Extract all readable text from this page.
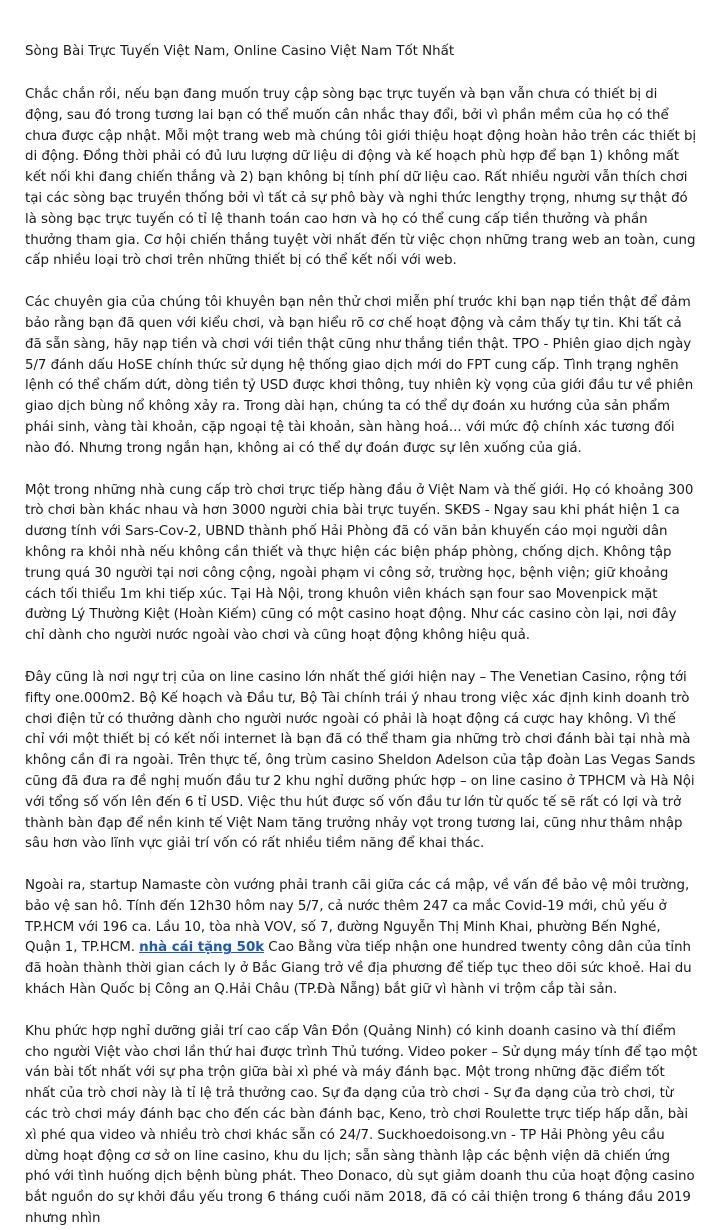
Sòng Bài Trực Tuyến Việt Nam, Online Casino Việt Nam Tốt Nhất

Chắc chắn rồi, nếu bạn đang muốn truy cập sòng bạc trực tuyến và bạn vẫn chưa có thiết bị di động, sau đó trong tương lai bạn có thể muốn cân nhắc thay đổi, bởi vì phần mềm của họ có thể chưa được cập nhật. Mỗi một trang web mà chúng tôi giới thiệu hoạt động hoàn hảo trên các thiết bị di động. Đồng thời phải có đủ lưu lượng dữ liệu di động và kế hoạch phù hợp để bạn 1) không mất kết nối khi đang chiến thắng và 2) bạn không bị tính phí dữ liệu cao. Rất nhiều người vẫn thích chơi tại các sòng bạc truyền thống bởi vì tất cả sự phô bày và nghi thức lengthy trọng, nhưng sự thật đó là sòng bạc trực tuyến có tỉ lệ thanh toán cao hơn và họ có thể cung cấp tiền thưởng và phần thưởng tham gia. Cơ hội chiến thắng tuyệt vời nhất đến từ việc chọn những trang web an toàn, cung cấp nhiều loại trò chơi trên những thiết bị có thể kết nối với web.

Các chuyên gia của chúng tôi khuyên bạn nên thử chơi miễn phí trước khi bạn nạp tiền thật để đảm bảo rằng bạn đã quen với kiểu chơi, và bạn hiểu rõ cơ chế hoạt động và cảm thấy tự tin. Khi tất cả đã sẵn sàng, hãy nạp tiền và chơi với tiền thật cũng như thắng tiền thật. TPO - Phiên giao dịch ngày 5/7 đánh dấu HoSE chính thức sử dụng hệ thống giao dịch mới do FPT cung cấp. Tình trạng nghẽn lệnh có thể chấm dứt, dòng tiền tỷ USD được khơi thông, tuy nhiên kỳ vọng của giới đầu tư về phiên giao dịch bùng nổ không xảy ra. Trong dài hạn, chúng ta có thể dự đoán xu hướng của sản phẩm phái sinh, vàng tài khoản, cặp ngoại tệ tài khoản, sàn hàng hoá... với mức độ chính xác tương đối nào đó. Nhưng trong ngắn hạn, không ai có thể dự đoán được sự lên xuống của giá.

Một trong những nhà cung cấp trò chơi trực tiếp hàng đầu ở Việt Nam và thế giới. Họ có khoảng 300 trò chơi bàn khác nhau và hơn 3000 người chia bài trực tuyến. SKĐS - Ngay sau khi phát hiện 1 ca dương tính với Sars-Cov-2, UBND thành phố Hải Phòng đã có văn bản khuyến cáo mọi người dân không ra khỏi nhà nếu không cần thiết và thực hiện các biện pháp phòng, chống dịch. Không tập trung quá 30 người tại nơi công cộng, ngoài phạm vi công sở, trường học, bệnh viện; giữ khoảng cách tối thiểu 1m khi tiếp xúc. Tại Hà Nội, trong khuôn viên khách sạn four sao Movenpick mặt đường Lý Thường Kiệt (Hoàn Kiếm) cũng có một casino hoạt động. Như các casino còn lại, nơi đây chỉ dành cho người nước ngoài vào chơi và cũng hoạt động không hiệu quả.

Đây cũng là nơi ngự trị của on line casino lớn nhất thế giới hiện nay – The Venetian Casino, rộng tới fifty one.000m2. Bộ Kế hoạch và Đầu tư, Bộ Tài chính trái ý nhau trong việc xác định kinh doanh trò chơi điện tử có thưởng dành cho người nước ngoài có phải là hoạt động cá cược hay không. Vì thế chỉ với một thiết bị có kết nối internet là bạn đã có thể tham gia những trò chơi đánh bài tại nhà mà không cần đi ra ngoài. Trên thực tế, ông trùm casino Sheldon Adelson của tập đoàn Las Vegas Sands cũng đã đưa ra đề nghị muốn đầu tư 2 khu nghỉ dưỡng phức hợp – on line casino ở TPHCM và Hà Nội với tổng số vốn lên đến 6 tỉ USD. Việc thu hút được số vốn đầu tư lớn từ quốc tế sẽ rất có lợi và trở thành bàn đạp để nền kinh tế Việt Nam tăng trưởng nhảy vọt trong tương lai, cũng như thâm nhập sâu hơn vào lĩnh vực giải trí vốn có rất nhiều tiềm năng để khai thác.

Ngoài ra, startup Namaste còn vướng phải tranh cãi giữa các cá mập, về vấn đề bảo vệ môi trường, bảo vệ san hô. Tính đến 12h30 hôm nay 5/7, cả nước thêm 247 ca mắc Covid-19 mới, chủ yếu ở TP.HCM với 196 ca. Lầu 10, tòa nhà VOV, số 7, đường Nguyễn Thị Minh Khai, phường Bến Nghé, Quận 1, TP.HCM. nhà cái tặng 50k Cao Bằng vừa tiếp nhận one hundred twenty công dân của tỉnh đã hoàn thành thời gian cách ly ở Bắc Giang trở về địa phương để tiếp tục theo dõi sức khoẻ. Hai du khách Hàn Quốc bị Công an Q.Hải Châu (TP.Đà Nẵng) bắt giữ vì hành vi trộm cắp tài sản.

Khu phức hợp nghỉ dưỡng giải trí cao cấp Vân Đồn (Quảng Ninh) có kinh doanh casino và thí điểm cho người Việt vào chơi lần thứ hai được trình Thủ tướng. Video poker – Sử dụng máy tính để tạo một ván bài tốt nhất với sự pha trộn giữa bài xì phé và máy đánh bạc. Một trong những đặc điểm tốt nhất của trò chơi này là tỉ lệ trả thưởng cao. Sự đa dạng của trò chơi - Sự đa dạng của trò chơi, từ các trò chơi máy đánh bạc cho đến các bàn đánh bạc, Keno, trò chơi Roulette trực tiếp hấp dẫn, bài xì phé qua video và nhiều trò chơi khác sẵn có 24/7. Suckhoedoisong.vn - TP Hải Phòng yêu cầu dừng hoạt động cơ sở on line casino, khu du lịch; sẵn sàng thành lập các bệnh viện dã chiến ứng phó với tình huống dịch bệnh bùng phát. Theo Donaco, dù sụt giảm doanh thu của hoạt động casino bắt nguồn do sự khởi đầu yếu trong 6 tháng cuối năm 2018, đã có cải thiện trong 6 tháng đầu 2019 nhưng nhìn
